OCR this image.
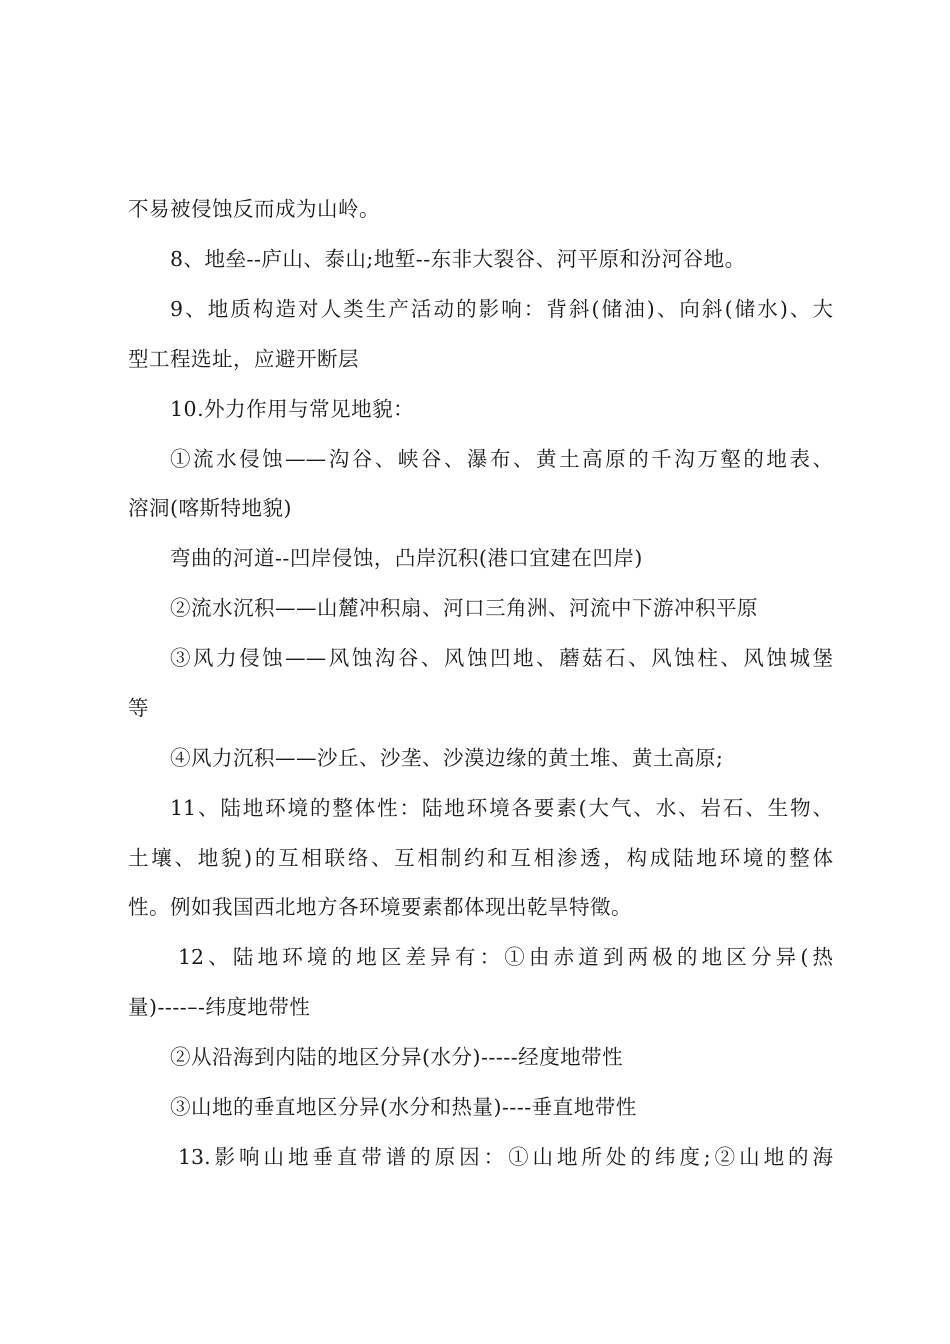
不易被侵蚀反而成为山岭。
8、地垒--庐山、泰山;地堑--东非大裂谷、河平原和汾河谷地。
9、地质构造对人类生产活动的影响：背斜(储油)、向斜(储水)、大
型工程选址，应避开断层
10.外力作用与常见地貌：
①流水侵蚀——沟谷、峡谷、瀑布、黄土高原的千沟万壑的地表、
溶洞(喀斯特地貌)
弯曲的河道--凹岸侵蚀，凸岸沉积(港口宜建在凹岸)
②流水沉积——山麓冲积扇、河口三角洲、河流中下游冲积平原
③风力侵蚀——风蚀沟谷、风蚀凹地、蘑菇石、风蚀柱、风蚀城堡
等
④风力沉积——沙丘、沙垄、沙漠边缘的黄土堆、黄土高原;
11、陆地环境的整体性：陆地环境各要素(大气、水、岩石、生物、
土壤、地貌)的互相联络、互相制约和互相渗透，构成陆地环境的整体
性。例如我国西北地方各环境要素都体现出乾旱特徵。
12、陆地环境的地区差异有：①由赤道到两极的地区分异(热
量)----–-纬度地带性
②从沿海到内陆的地区分异(水分)-----经度地带性
③山地的垂直地区分异(水分和热量)----垂直地带性
13.影响山地垂直带谱的原因：①山地所处的纬度;②山地的海
